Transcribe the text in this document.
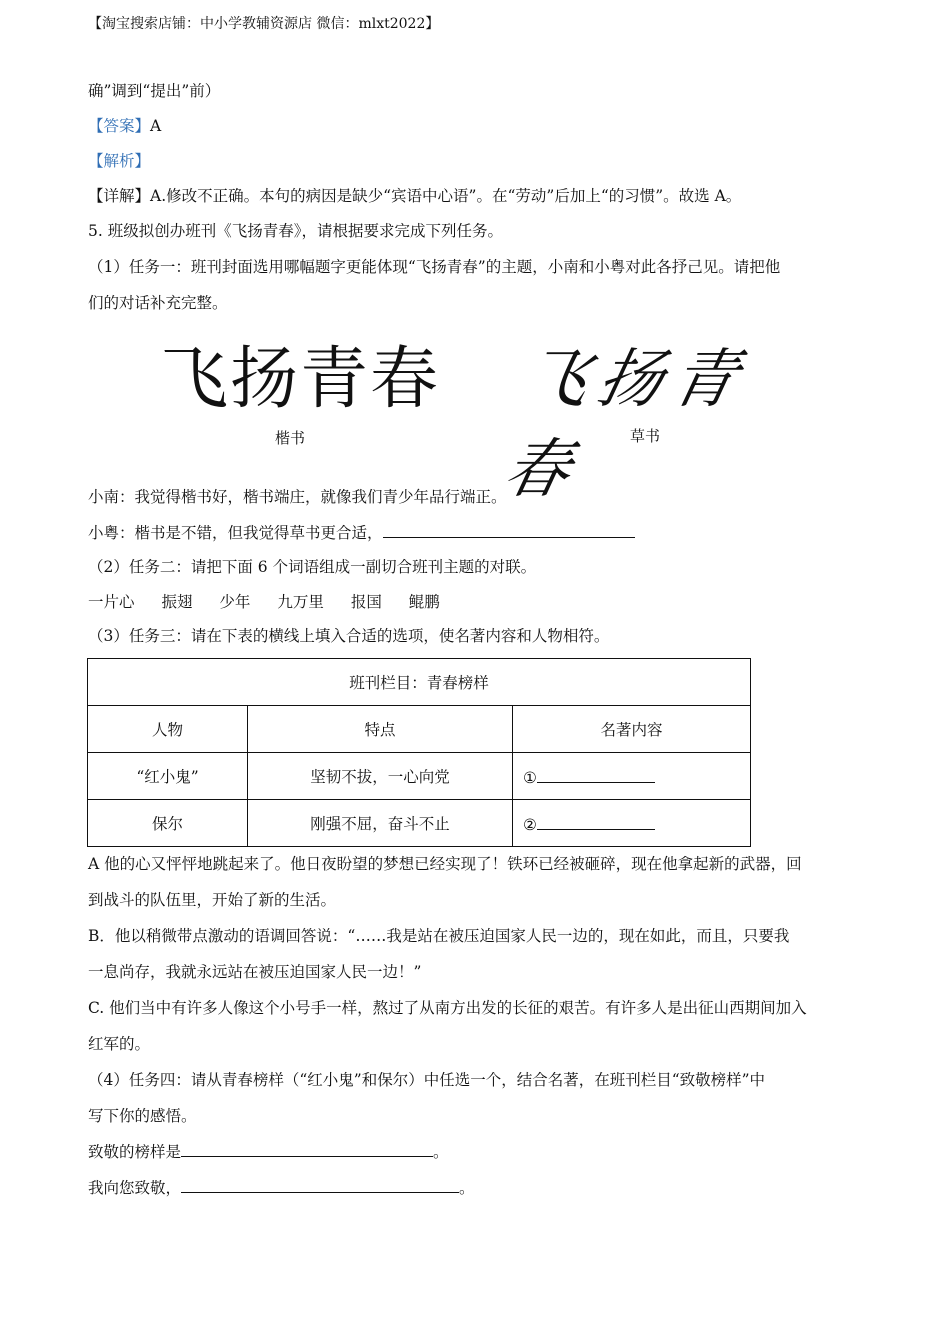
【淘宝搜索店铺：中小学教辅资源店 微信：mlxt2022】
确”调到“提出”前）
【答案】A
【解析】
【详解】A.修改不正确。本句的病因是缺少“宾语中心语”。在“劳动”后加上“的习惯”。故选 A。
5. 班级拟创办班刊《飞扬青春》，请根据要求完成下列任务。
（1）任务一：班刊封面选用哪幅题字更能体现“飞扬青春”的主题，小南和小粤对此各抒己见。请把他
们的对话补充完整。
飞扬青春
楷书
飞扬青春	草书
小南：我觉得楷书好，楷书端庄，就像我们青少年品行端正。
小粤：楷书是不错，但我觉得草书更合适，
（2）任务二：请把下面 6 个词语组成一副切合班刊主题的对联。
一片心 振翅 少年 九万里 报国 鲲鹏
（3）任务三：请在下表的横线上填入合适的选项，使名著内容和人物相符。
班刊栏目：青春榜样		
人物	特点	名著内容
“红小鬼”	坚韧不拔，一心向党	①
保尔	刚强不屈，奋斗不止	②
A 他的心又怦怦地跳起来了。他日夜盼望的梦想已经实现了！铁环已经被砸碎，现在他拿起新的武器，回
到战斗的队伍里，开始了新的生活。
B．他以稍微带点激动的语调回答说：“……我是站在被压迫国家人民一边的，现在如此，而且，只要我
一息尚存，我就永远站在被压迫国家人民一边！”
C. 他们当中有许多人像这个小号手一样，熬过了从南方出发的长征的艰苦。有许多人是出征山西期间加入
红军的。
（4）任务四：请从青春榜样（“红小鬼”和保尔）中任选一个，结合名著，在班刊栏目“致敬榜样”中
写下你的感悟。
致敬的榜样是	。
我向您致敬，	。
